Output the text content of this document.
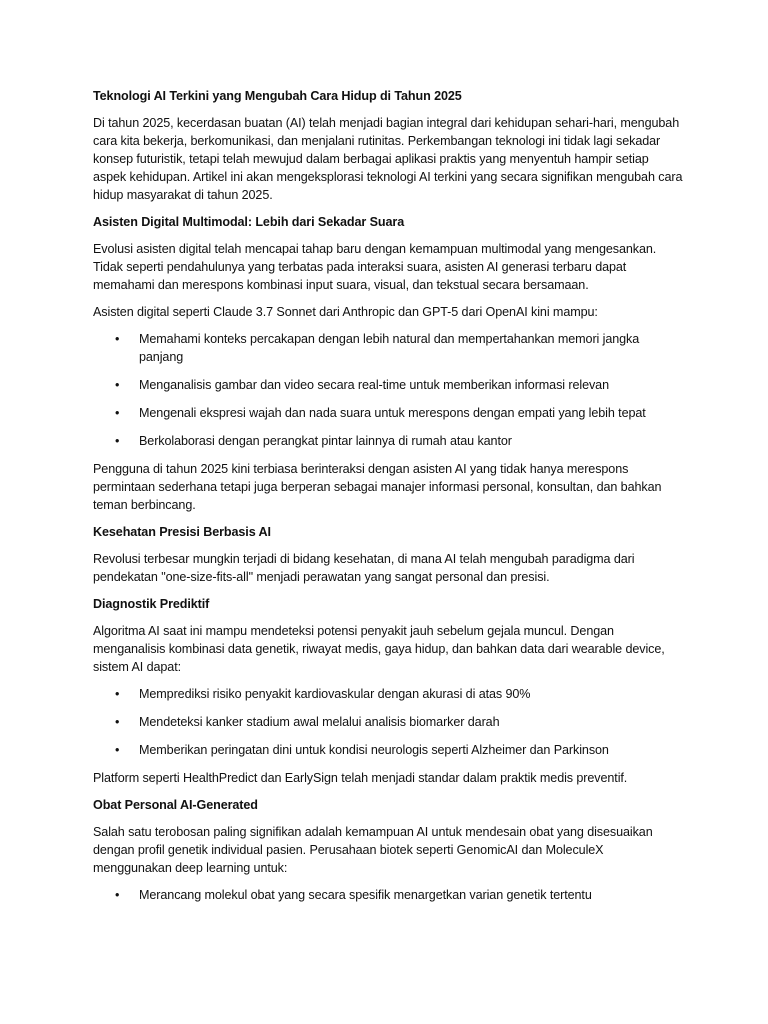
Teknologi AI Terkini yang Mengubah Cara Hidup di Tahun 2025
Di tahun 2025, kecerdasan buatan (AI) telah menjadi bagian integral dari kehidupan sehari-hari, mengubah cara kita bekerja, berkomunikasi, dan menjalani rutinitas. Perkembangan teknologi ini tidak lagi sekadar konsep futuristik, tetapi telah mewujud dalam berbagai aplikasi praktis yang menyentuh hampir setiap aspek kehidupan. Artikel ini akan mengeksplorasi teknologi AI terkini yang secara signifikan mengubah cara hidup masyarakat di tahun 2025.
Asisten Digital Multimodal: Lebih dari Sekadar Suara
Evolusi asisten digital telah mencapai tahap baru dengan kemampuan multimodal yang mengesankan. Tidak seperti pendahulunya yang terbatas pada interaksi suara, asisten AI generasi terbaru dapat memahami dan merespons kombinasi input suara, visual, dan tekstual secara bersamaan.
Asisten digital seperti Claude 3.7 Sonnet dari Anthropic dan GPT-5 dari OpenAI kini mampu:
• Memahami konteks percakapan dengan lebih natural dan mempertahankan memori jangka panjang
• Menganalisis gambar dan video secara real-time untuk memberikan informasi relevan
• Mengenali ekspresi wajah dan nada suara untuk merespons dengan empati yang lebih tepat
• Berkolaborasi dengan perangkat pintar lainnya di rumah atau kantor
Pengguna di tahun 2025 kini terbiasa berinteraksi dengan asisten AI yang tidak hanya merespons permintaan sederhana tetapi juga berperan sebagai manajer informasi personal, konsultan, dan bahkan teman berbincang.
Kesehatan Presisi Berbasis AI
Revolusi terbesar mungkin terjadi di bidang kesehatan, di mana AI telah mengubah paradigma dari pendekatan "one-size-fits-all" menjadi perawatan yang sangat personal dan presisi.
Diagnostik Prediktif
Algoritma AI saat ini mampu mendeteksi potensi penyakit jauh sebelum gejala muncul. Dengan menganalisis kombinasi data genetik, riwayat medis, gaya hidup, dan bahkan data dari wearable device, sistem AI dapat:
• Memprediksi risiko penyakit kardiovaskular dengan akurasi di atas 90%
• Mendeteksi kanker stadium awal melalui analisis biomarker darah
• Memberikan peringatan dini untuk kondisi neurologis seperti Alzheimer dan Parkinson
Platform seperti HealthPredict dan EarlySign telah menjadi standar dalam praktik medis preventif.
Obat Personal AI-Generated
Salah satu terobosan paling signifikan adalah kemampuan AI untuk mendesain obat yang disesuaikan dengan profil genetik individual pasien. Perusahaan biotek seperti GenomicAI dan MoleculeX menggunakan deep learning untuk:
• Merancang molekul obat yang secara spesifik menargetkan varian genetik tertentu
